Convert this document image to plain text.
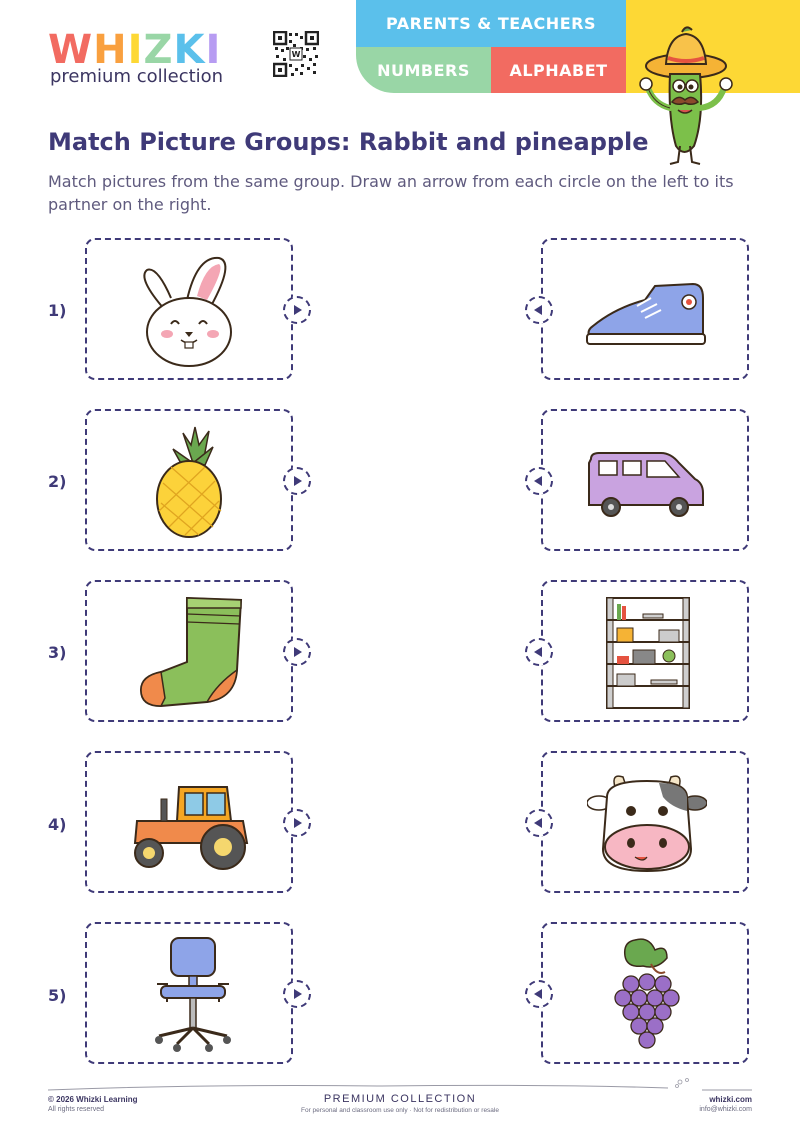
WHIZKI
premium collection
W
PARENTS & TEACHERS
NUMBERS	ALPHABET
Match Picture Groups: Rabbit and pineapple
Match pictures from the same group. Draw an arrow from each circle on the left to its partner on the right.
1)
2)
3)
4)
5)
© 2026 Whizki Learning
All rights reserved
PREMIUM COLLECTION
For personal and classroom use only · Not for redistribution or resale
whizki.com
info@whizki.com
